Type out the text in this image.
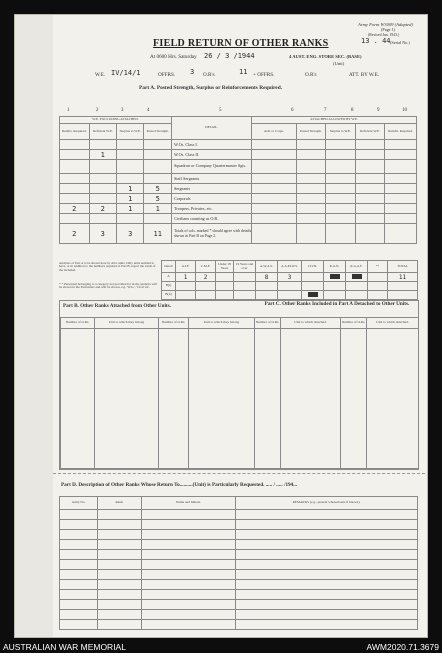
Army Form W3009 (Adapted)
(Page 1)
(Revised Jan. 1943.)
13 . 44 (Serial No.)
FIELD RETURN OF OTHER RANKS
At 0600 Hrs. Saturday 26 / 3 /1944	4 AUST. ENG. STORE SEC. (BASE)
(Unit)
W.E. IV/14/1	OFFRS. 3 O.R's	11 + OFFRS.	O.R's	ATT. BY W.E.
Part A. Posted Strength, Surplus or Reinforcements Required.
1	2	3	4	5	6	7	8	9	10
W.E. EXCLUDING ATTACHED.				DETAIL.	ATTACHED ALLOWED BY W.E.				
Reinfts. Required.	Deficient W.E.	Surplus to W.E.	Posted Strength.		Arm or Corps.	Posted Strength.	Surplus to W.E.	Deficient W.E.	Reinfts. Required.
				W.Os. Class I.					
	1			W.Os. Class II.					
				Squadron or Company Quartermaster Sgts.					
				Staff Sergeants					
		1	5	Sergeants					
		1	5	Corporals					
2	2	1	1	Troopers, Privates, etc.					
				Civilians counting as O.R.					
2	3	3	11	Totals of cols. marked * should agree with details shown in Part B on Page 2.					
Analysis of Part A to be shown here by ALL units. Only units entitled to have, or in addition to the numbers required of Part B, report the totals of the included.
* * Personnel belonging to a category not provided for in the analysis will be shown in the Particulars and will be shown, e.g. 'W.G.', 'Civil' etc.
Detail	A.I.F.	C.M.F.	Under 18 Years	19 Years and over	A.W.A.S.	A.A.M.W.S.	CIVIL	R.A.N.	R.A.A.F.	**	TOTAL
A	1	2			8	3					11
B(i)											
B(ii)											
Part B. Other Ranks Attached from Other Units.	Part C. Other Ranks Included in Part A Detached to Other Units.
Number of O.Rs.	Unit to which they belong	Number of O.Rs.	Unit to which they belong	Number of O.Rs.	Unit to which detached.	Number of O.Rs.	Unit to which detached.

Part D. Description of Other Ranks Whose Return To..........(Unit) is Particularly Requested. ..... / ..... /194...
Army No.	Rank.	Name and Initials.	REMARKS (e.g., present whereabouts if known).

AUSTRALIAN WAR MEMORIAL	AWM2020.71.3679
